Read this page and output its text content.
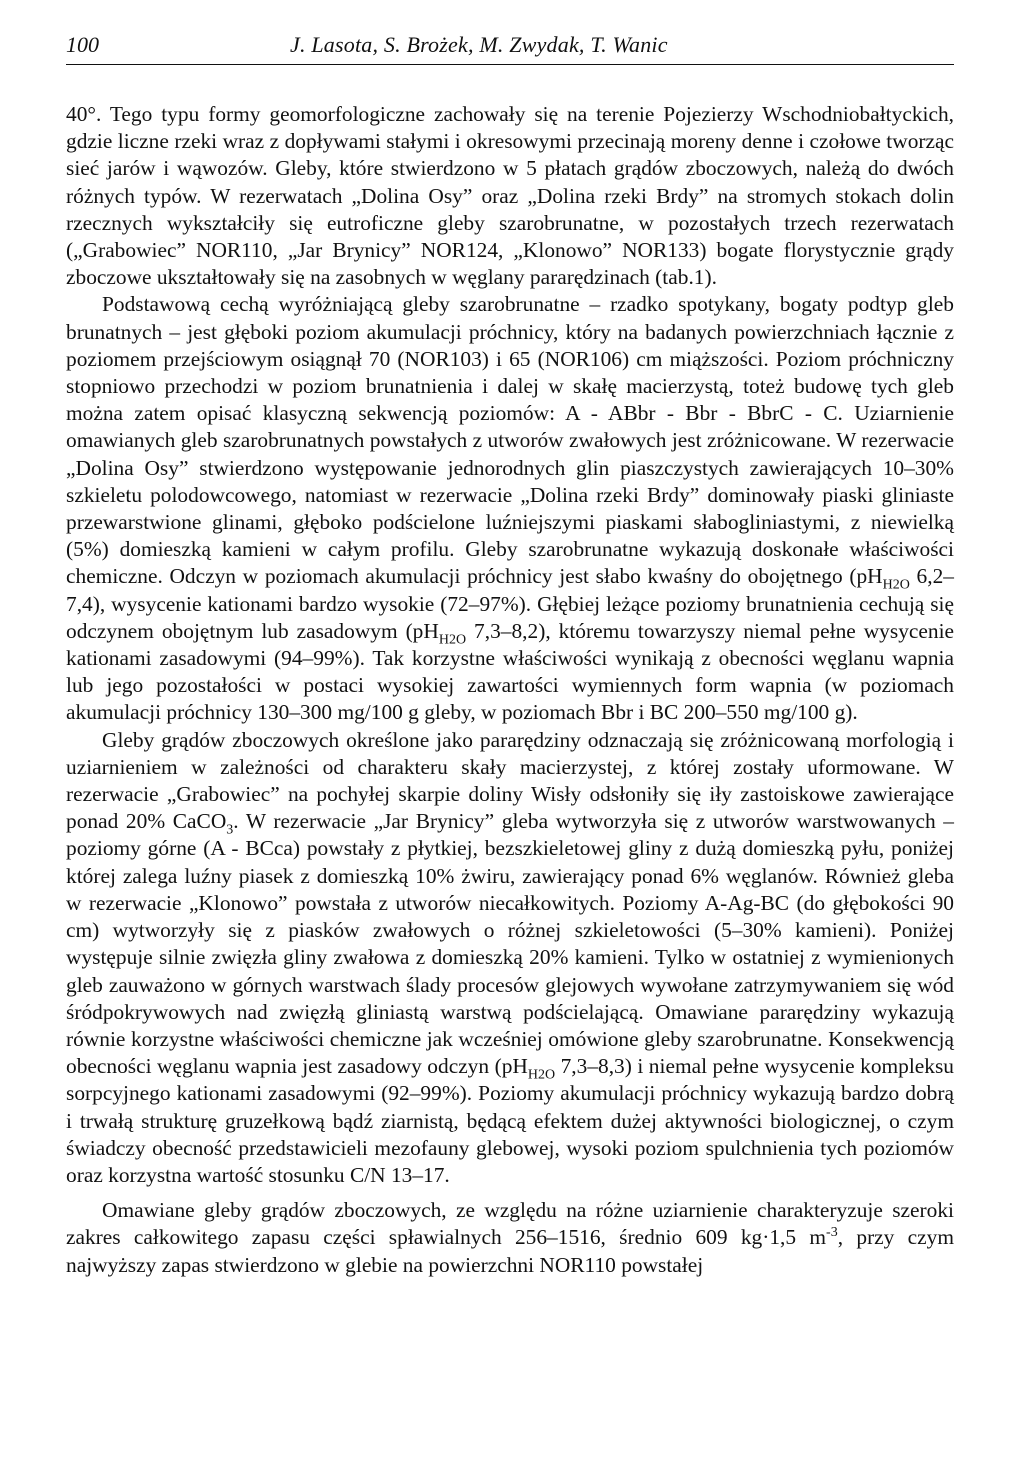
100	J. Lasota, S. Brożek, M. Zwydak, T. Wanic

40°. Tego typu formy geomorfologiczne zachowały się na terenie Pojezierzy Wschodniobałtyckich, gdzie liczne rzeki wraz z dopływami stałymi i okresowymi przecinają moreny denne i czołowe tworząc sieć jarów i wąwozów. Gleby, które stwierdzono w 5 płatach grądów zboczowych, należą do dwóch różnych typów. W rezerwatach „Dolina Osy” oraz „Dolina rzeki Brdy” na stromych stokach dolin rzecznych wykształciły się eutroficzne gleby szarobrunatne, w pozostałych trzech rezerwatach („Grabowiec” NOR110, „Jar Brynicy” NOR124, „Klonowo” NOR133) bogate florystycznie grądy zboczowe ukształtowały się na zasobnych w węglany pararędzinach (tab.1).

Podstawową cechą wyróżniającą gleby szarobrunatne – rzadko spotykany, bogaty podtyp gleb brunatnych – jest głęboki poziom akumulacji próchnicy, który na badanych powierzchniach łącznie z poziomem przejściowym osiągnął 70 (NOR103) i 65 (NOR106) cm miąższości. Poziom próchniczny stopniowo przechodzi w poziom brunatnienia i dalej w skałę macierzystą, toteż budowę tych gleb można zatem opisać klasyczną sekwencją poziomów: A - ABbr - Bbr - BbrC - C. Uziarnienie omawianych gleb szarobrunatnych powstałych z utworów zwałowych jest zróżnicowane. W rezerwacie „Dolina Osy” stwierdzono występowanie jednorodnych glin piaszczystych zawierających 10–30% szkieletu polodowcowego, natomiast w rezerwacie „Dolina rzeki Brdy” dominowały piaski gliniaste przewarstwione glinami, głęboko podścielone luźniejszymi piaskami słabogliniastymi, z niewielką (5%) domieszką kamieni w całym profilu. Gleby szarobrunatne wykazują doskonałe właściwości chemiczne. Odczyn w poziomach akumulacji próchnicy jest słabo kwaśny do obojętnego ($pH_{H2O}$ 6,2–7,4), wysycenie kationami bardzo wysokie (72–97%). Głębiej leżące poziomy brunatnienia cechują się odczynem obojętnym lub zasadowym ($pH_{H2O}$ 7,3–8,2), któremu towarzyszy niemal pełne wysycenie kationami zasadowymi (94–99%). Tak korzystne właściwości wynikają z obecności węglanu wapnia lub jego pozostałości w postaci wysokiej zawartości wymiennych form wapnia (w poziomach akumulacji próchnicy 130–300 mg/100 g gleby, w poziomach Bbr i BC 200–550 mg/100 g).

Gleby grądów zboczowych określone jako pararędziny odznaczają się zróżnicowaną morfologią i uziarnieniem w zależności od charakteru skały macierzystej, z której zostały uformowane. W rezerwacie „Grabowiec” na pochyłej skarpie doliny Wisły odsłoniły się iły zastoiskowe zawierające ponad 20% CaCO$_3$. W rezerwacie „Jar Brynicy” gleba wytworzyła się z utworów warstwowanych – poziomy górne (A - BCca) powstały z płytkiej, bezszkieletowej gliny z dużą domieszką pyłu, poniżej której zalega luźny piasek z domieszką 10% żwiru, zawierający ponad 6% węglanów. Również gleba w rezerwacie „Klonowo” powstała z utworów niecałkowitych. Poziomy A-Ag-BC (do głębokości 90 cm) wytworzyły się z piasków zwałowych o różnej szkieletowości (5–30% kamieni). Poniżej występuje silnie zwięzła gliny zwałowa z domieszką 20% kamieni. Tylko w ostatniej z wymienionych gleb zauważono w górnych warstwach ślady procesów glejowych wywołane zatrzymywaniem się wód śródpokrywowych nad zwięzłą gliniastą warstwą podścielającą. Omawiane pararędziny wykazują równie korzystne właściwości chemiczne jak wcześniej omówione gleby szarobrunatne. Konsekwencją obecności węglanu wapnia jest zasadowy odczyn ($pH_{H2O}$ 7,3–8,3) i niemal pełne wysycenie kompleksu sorpcyjnego kationami zasadowymi (92–99%). Poziomy akumulacji próchnicy wykazują bardzo dobrą i trwałą strukturę gruzełkową bądź ziarnistą, będącą efektem dużej aktywności biologicznej, o czym świadczy obecność przedstawicieli mezofauny glebowej, wysoki poziom spulchnienia tych poziomów oraz korzystna wartość stosunku C/N 13–17.

Omawiane gleby grądów zboczowych, ze względu na różne uziarnienie charakteryzuje szeroki zakres całkowitego zapasu części spławialnych 256–1516, średnio 609 kg·1,5 $m^{-3}$, przy czym najwyższy zapas stwierdzono w glebie na powierzchni NOR110 powstałej
